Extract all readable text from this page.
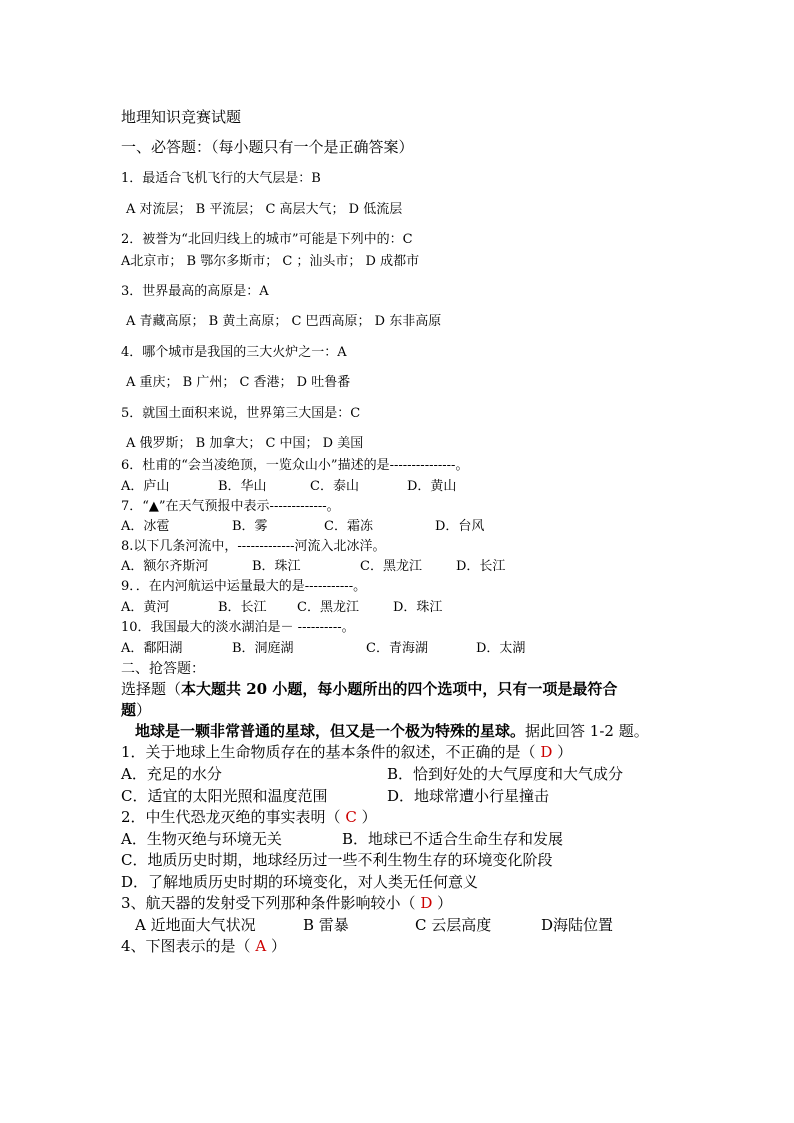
地理知识竞赛试题
一、必答题：（每小题只有一个是正确答案）
1．最适合飞机飞行的大气层是：B
A 对流层； B 平流层； C 高层大气； D 低流层
2．被誉为“北回归线上的城市”可能是下列中的：C
A北京市； B 鄂尔多斯市； C ；汕头市； D 成都市
3．世界最高的高原是：A
A 青藏高原； B 黄土高原； C 巴西高原； D 东非高原
4．哪个城市是我国的三大火炉之一：A
A 重庆； B 广州； C 香港； D 吐鲁番
5．就国土面积来说，世界第三大国是：C
A 俄罗斯； B 加拿大； C 中国； D 美国
6．杜甫的“会当凌绝顶，一览众山小”描述的是---------------。
A．庐山	B．华山	C．泰山	D．黄山
7．“▲”在天气预报中表示-------------。
A．冰雹	B．雾	C．霜冻	D．台风
8.以下几条河流中，-------------河流入北冰洋。
A．额尔齐斯河	B．珠江	C．黑龙江	D．长江
9．．在内河航运中运量最大的是-----------。
A．黄河	B．长江 C．黑龙江	D．珠江
10．我国最大的淡水湖泊是－ ----------。
A．鄱阳湖	B．洞庭湖	C．青海湖	D．太湖
二、抢答题：
选择题（本大题共 20 小题，每小题所出的四个选项中，只有一项是最符合
题）
地球是一颗非常普通的星球，但又是一个极为特殊的星球。据此回答 1-2 题。
1．关于地球上生命物质存在的基本条件的叙述，不正确的是（ D ）
A．充足的水分	B．恰到好处的大气厚度和大气成分
C．适宜的太阳光照和温度范围	D．地球常遭小行星撞击
2．中生代恐龙灭绝的事实表明（ C ）
A．生物灭绝与环境无关	B．地球已不适合生命生存和发展
C．地质历史时期，地球经历过一些不利生物生存的环境变化阶段
D．了解地质历史时期的环境变化，对人类无任何意义
3、航天器的发射受下列那种条件影响较小（ D ）
A 近地面大气状况	B 雷暴	C 云层高度	D海陆位置
4、下图表示的是（ A ）
